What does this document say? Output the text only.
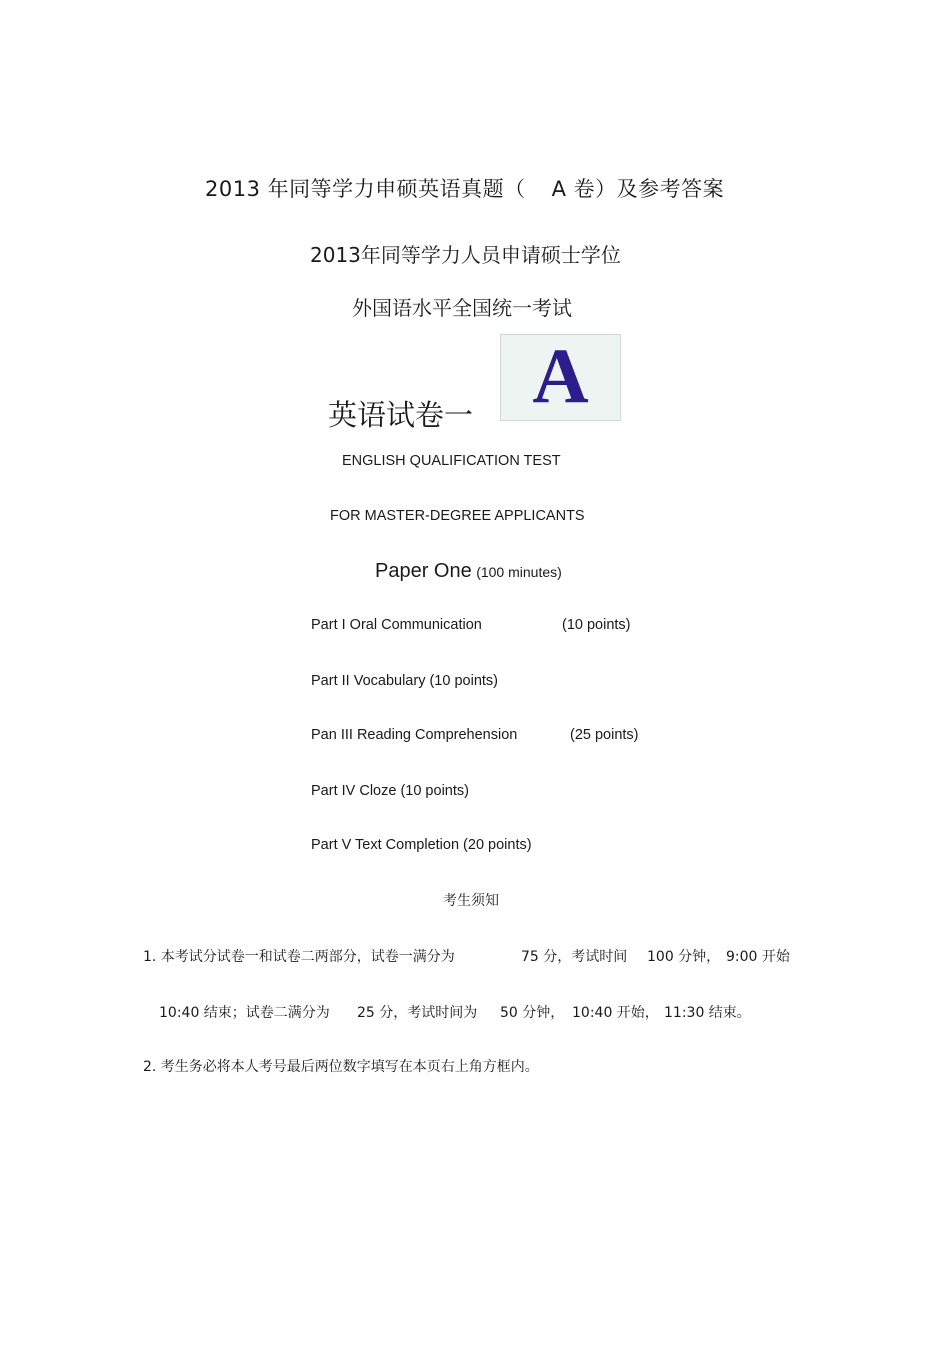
2013 年同等学力申硕英语真题（ A 卷）及参考答案
2013年同等学力人员申请硕士学位
外国语水平全国统一考试
英语试卷一 A
ENGLISH QUALIFICATION TEST
FOR MASTER-DEGREE APPLICANTS
Paper One (100 minutes)
Part I Oral Communication	(10 points)
Part II Vocabulary (10 points)
Pan III Reading Comprehension	(25 points)
Part IV Cloze (10 points)
Part V Text Completion (20 points)
考生须知
1. 本考试分试卷一和试卷二两部分，试卷一满分为	75 分，考试时间 100 分钟， 9:00 开始
10:40 结束；试卷二满分为 25 分，考试时间为 50 分钟， 10:40 开始， 11:30 结束。
2. 考生务必将本人考号最后两位数字填写在本页右上角方框内。
